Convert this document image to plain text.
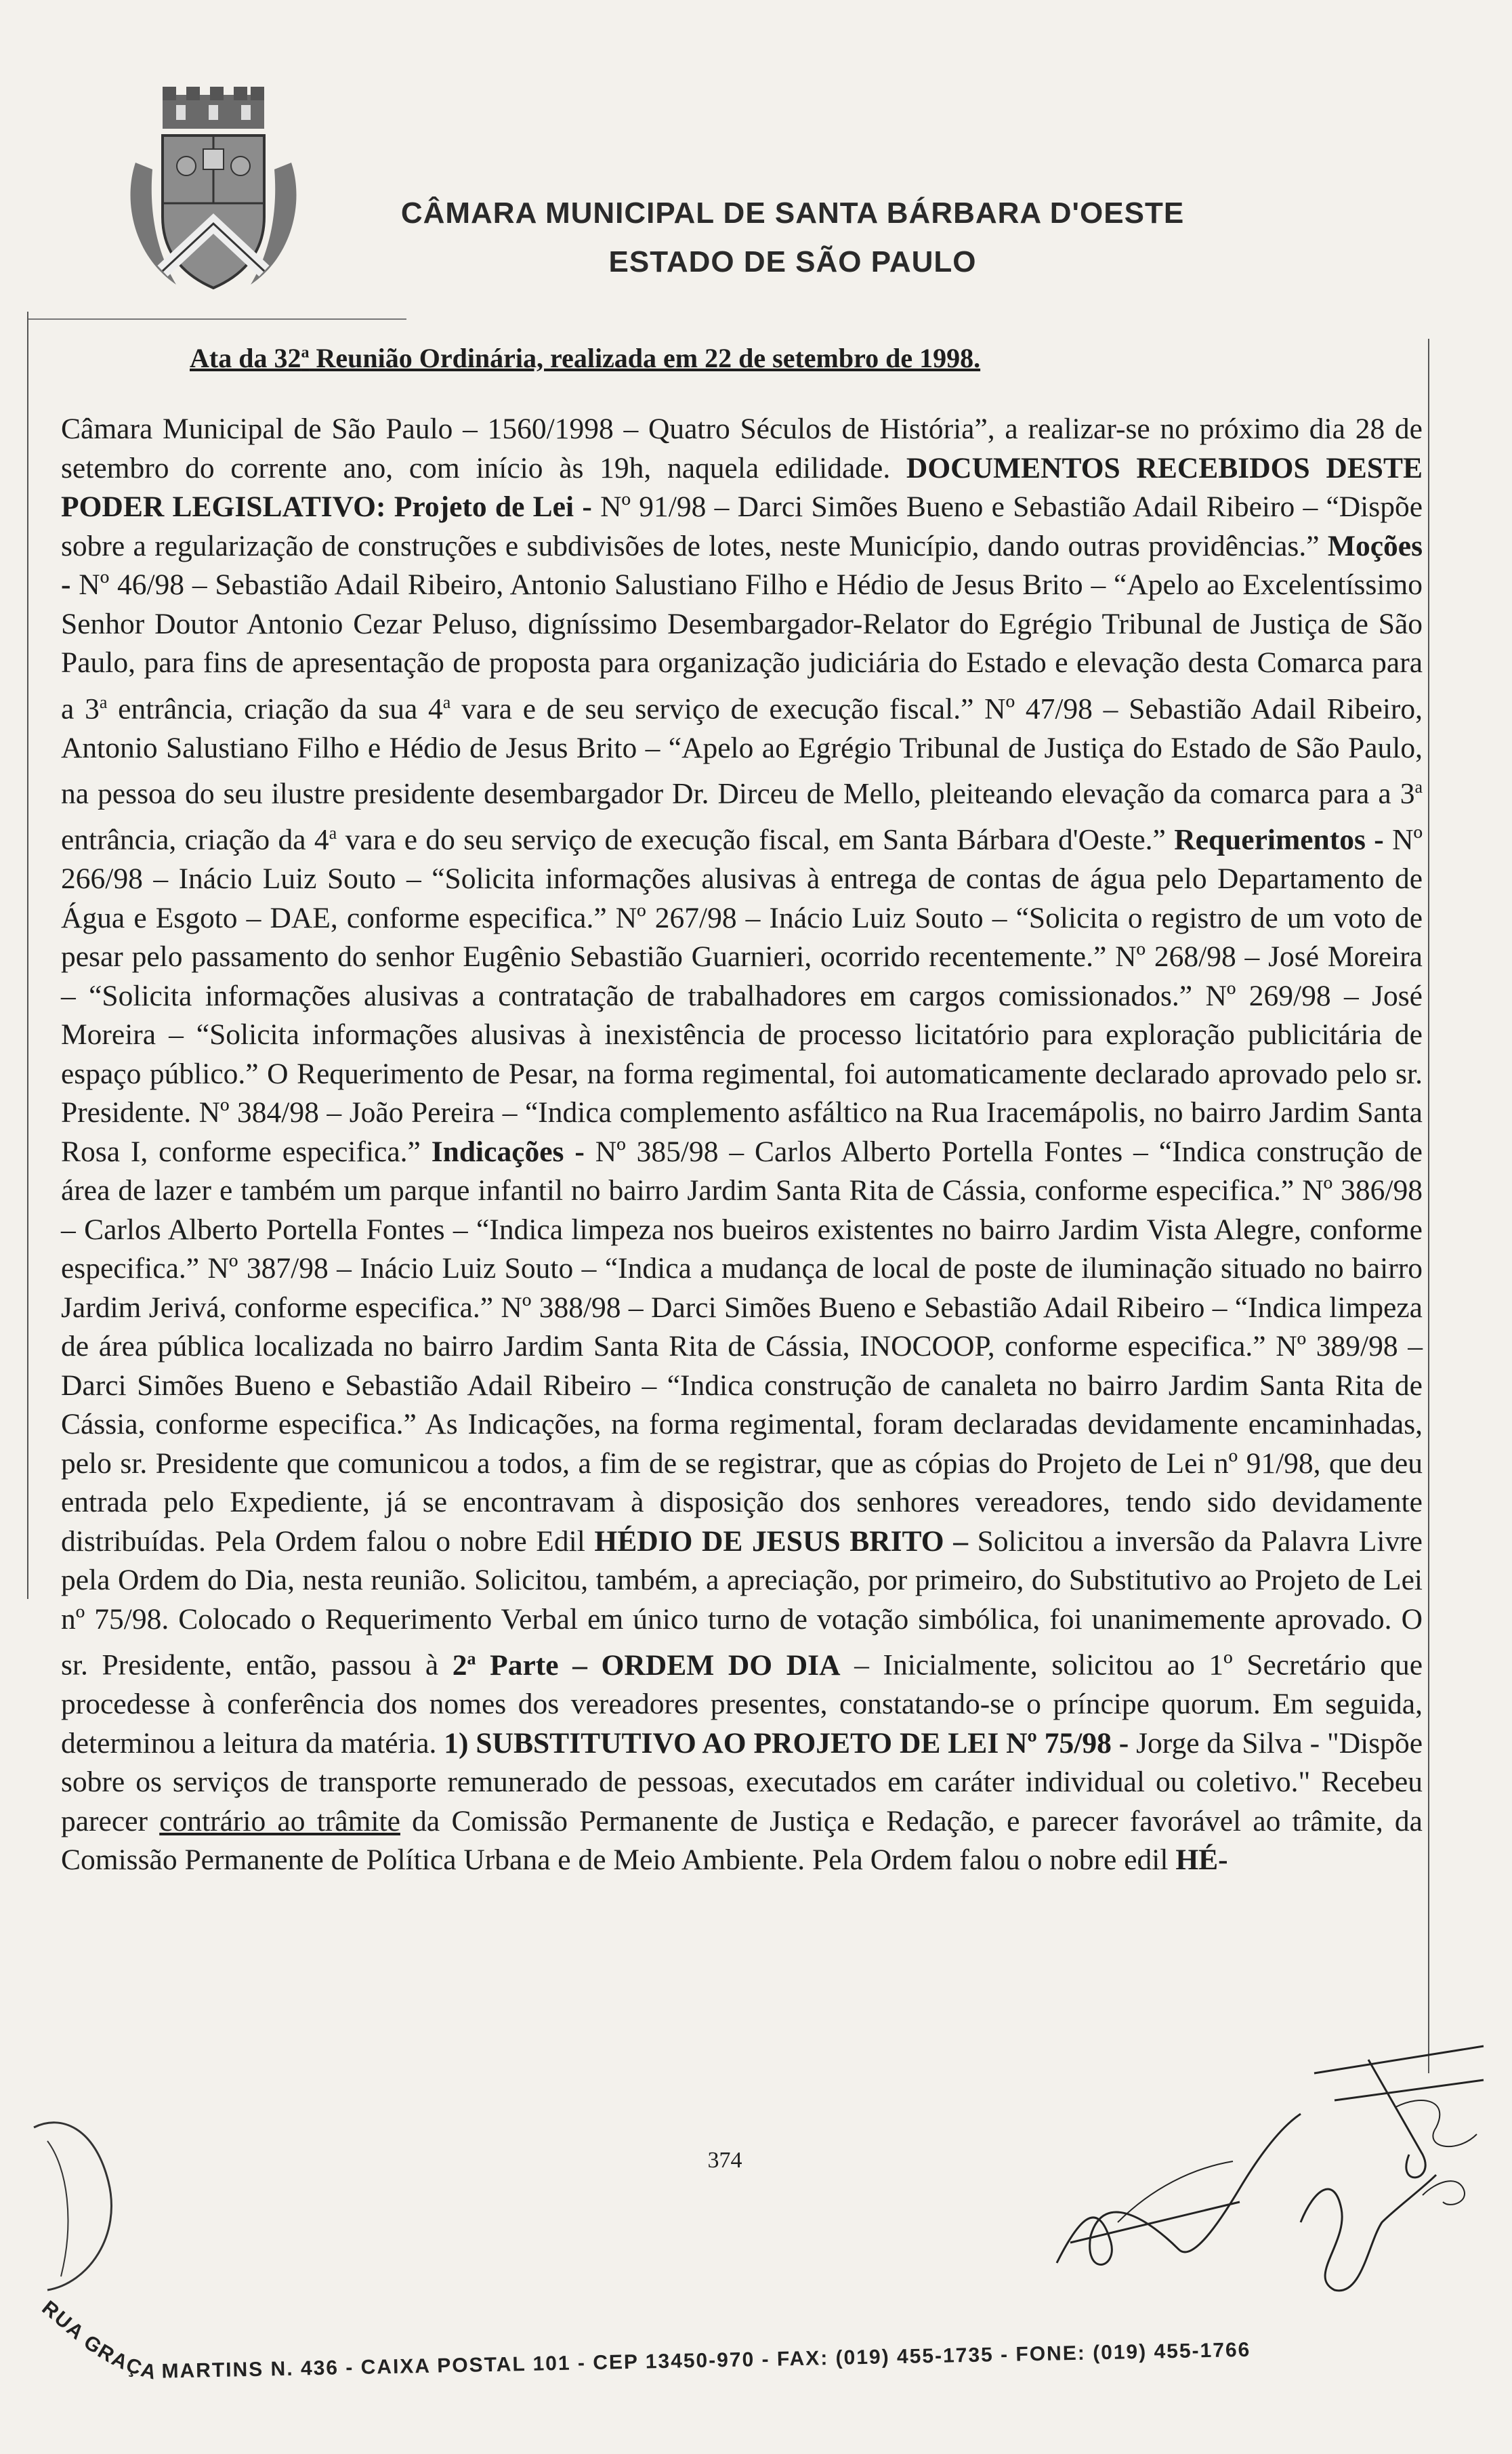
CÂMARA MUNICIPAL DE SANTA BÁRBARA D'OESTE
ESTADO DE SÃO PAULO
Ata da 32$^a$ Reunião Ordinária, realizada em 22 de setembro de 1998.

Câmara Municipal de São Paulo – 1560/1998 – Quatro Séculos de História”, a realizar-se no próximo dia 28 de setembro do corrente ano, com início às 19h, naquela edilidade. DOCUMENTOS RECEBIDOS DESTE PODER LEGISLATIVO: Projeto de Lei - Nº 91/98 – Darci Simões Bueno e Sebastião Adail Ribeiro – “Dispõe sobre a regularização de construções e subdivisões de lotes, neste Município, dando outras providências.” Moções - Nº 46/98 – Sebastião Adail Ribeiro, Antonio Salustiano Filho e Hédio de Jesus Brito – “Apelo ao Excelentíssimo Senhor Doutor Antonio Cezar Peluso, digníssimo Desembargador-Relator do Egrégio Tribunal de Justiça de São Paulo, para fins de apresentação de proposta para organização judiciária do Estado e elevação desta Comarca para a 3$^a$ entrância, criação da sua 4$^a$ vara e de seu serviço de execução fiscal.” Nº 47/98 – Sebastião Adail Ribeiro, Antonio Salustiano Filho e Hédio de Jesus Brito – “Apelo ao Egrégio Tribunal de Justiça do Estado de São Paulo, na pessoa do seu ilustre presidente desembargador Dr. Dirceu de Mello, pleiteando elevação da comarca para a 3$^a$ entrância, criação da 4$^a$ vara e do seu serviço de execução fiscal, em Santa Bárbara d'Oeste.” Requerimentos - Nº 266/98 – Inácio Luiz Souto – “Solicita informações alusivas à entrega de contas de água pelo Departamento de Água e Esgoto – DAE, conforme especifica.” Nº 267/98 – Inácio Luiz Souto – “Solicita o registro de um voto de pesar pelo passamento do senhor Eugênio Sebastião Guarnieri, ocorrido recentemente.” Nº 268/98 – José Moreira – “Solicita informações alusivas a contratação de trabalhadores em cargos comissionados.” Nº 269/98 – José Moreira – “Solicita informações alusivas à inexistência de processo licitatório para exploração publicitária de espaço público.” O Requerimento de Pesar, na forma regimental, foi automaticamente declarado aprovado pelo sr. Presidente. Nº 384/98 – João Pereira – “Indica complemento asfáltico na Rua Iracemápolis, no bairro Jardim Santa Rosa I, conforme especifica.” Indicações - Nº 385/98 – Carlos Alberto Portella Fontes – “Indica construção de área de lazer e também um parque infantil no bairro Jardim Santa Rita de Cássia, conforme especifica.” Nº 386/98 – Carlos Alberto Portella Fontes – “Indica limpeza nos bueiros existentes no bairro Jardim Vista Alegre, conforme especifica.” Nº 387/98 – Inácio Luiz Souto – “Indica a mudança de local de poste de iluminação situado no bairro Jardim Jerivá, conforme especifica.” Nº 388/98 – Darci Simões Bueno e Sebastião Adail Ribeiro – “Indica limpeza de área pública localizada no bairro Jardim Santa Rita de Cássia, INOCOOP, conforme especifica.” Nº 389/98 – Darci Simões Bueno e Sebastião Adail Ribeiro – “Indica construção de canaleta no bairro Jardim Santa Rita de Cássia, conforme especifica.” As Indicações, na forma regimental, foram declaradas devidamente encaminhadas, pelo sr. Presidente que comunicou a todos, a fim de se registrar, que as cópias do Projeto de Lei nº 91/98, que deu entrada pelo Expediente, já se encontravam à disposição dos senhores vereadores, tendo sido devidamente distribuídas. Pela Ordem falou o nobre Edil HÉDIO DE JESUS BRITO – Solicitou a inversão da Palavra Livre pela Ordem do Dia, nesta reunião. Solicitou, também, a apreciação, por primeiro, do Substitutivo ao Projeto de Lei nº 75/98. Colocado o Requerimento Verbal em único turno de votação simbólica, foi unanimemente aprovado. O sr. Presidente, então, passou à 2$^a$ Parte – ORDEM DO DIA – Inicialmente, solicitou ao 1º Secretário que procedesse à conferência dos nomes dos vereadores presentes, constatando-se o príncipe quorum. Em seguida, determinou a leitura da matéria. 1) SUBSTITUTIVO AO PROJETO DE LEI Nº 75/98 - Jorge da Silva - "Dispõe sobre os serviços de transporte remunerado de pessoas, executados em caráter individual ou coletivo." Recebeu parecer contrário ao trâmite da Comissão Permanente de Justiça e Redação, e parecer favorável ao trâmite, da Comissão Permanente de Política Urbana e de Meio Ambiente. Pela Ordem falou o nobre edil HÉ-

374
RUA GRAÇA MARTINS N. 436 - CAIXA POSTAL 101 - CEP 13450-970 - FAX: (019) 455-1735 - FONE: (019) 455-1766
